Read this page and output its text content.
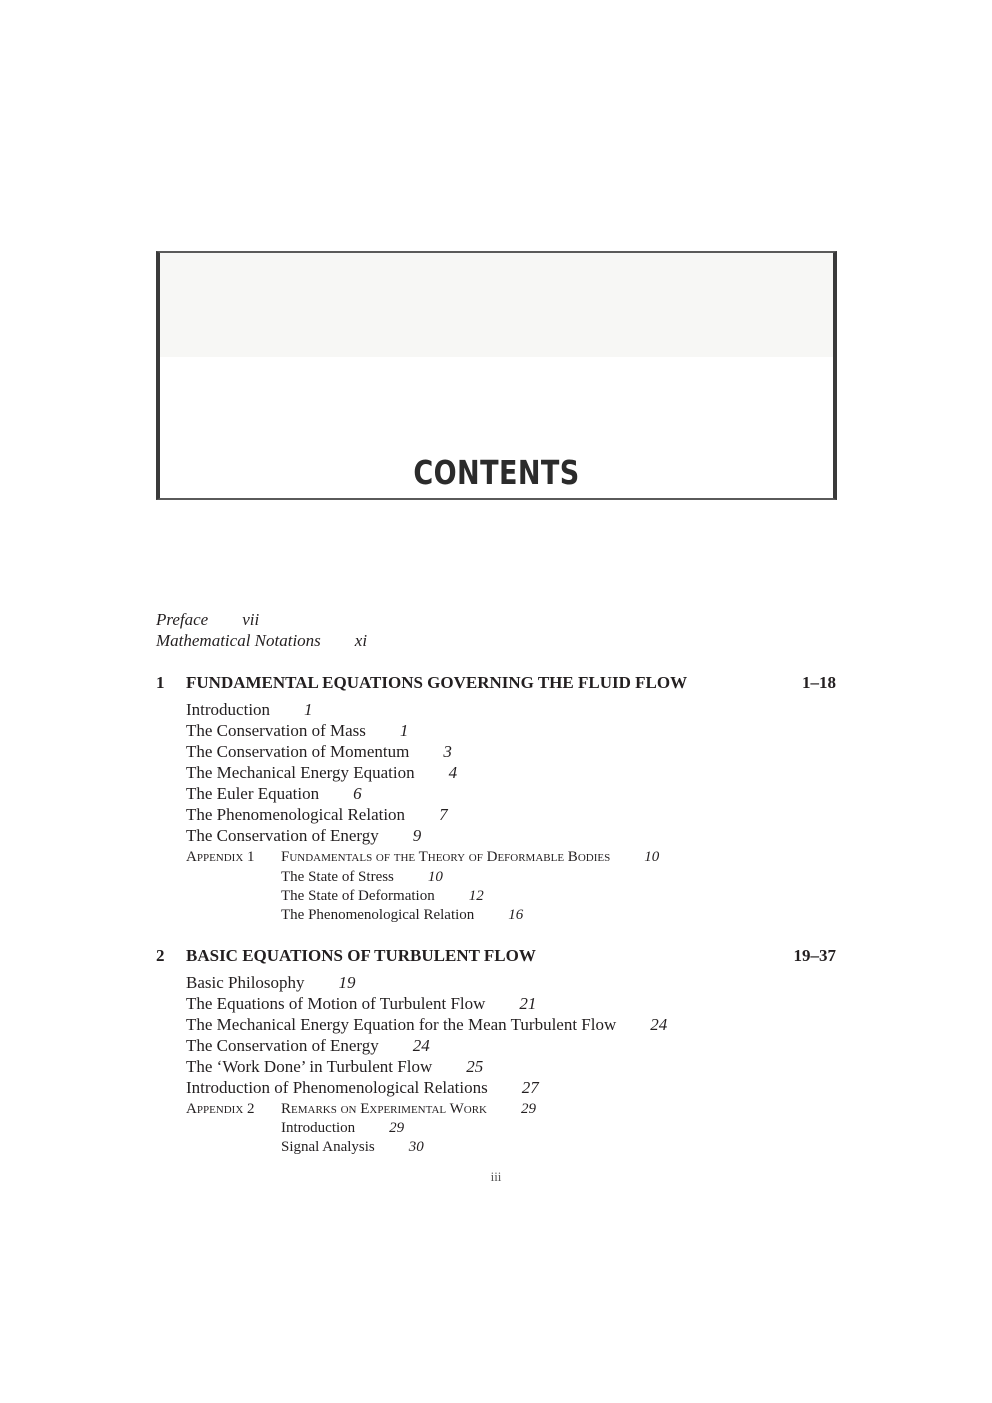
CONTENTS
Preface vii
Mathematical Notations xi
1 FUNDAMENTAL EQUATIONS GOVERNING THE FLUID FLOW	1–18
Introduction 1
The Conservation of Mass 1
The Conservation of Momentum 3
The Mechanical Energy Equation 4
The Euler Equation 6
The Phenomenological Relation 7
The Conservation of Energy 9
Appendix 1 Fundamentals of the Theory of Deformable Bodies 10
The State of Stress 10
The State of Deformation 12
The Phenomenological Relation 16
2 BASIC EQUATIONS OF TURBULENT FLOW	19–37
Basic Philosophy 19
The Equations of Motion of Turbulent Flow 21
The Mechanical Energy Equation for the Mean Turbulent Flow 24
The Conservation of Energy 24
The ‘Work Done’ in Turbulent Flow 25
Introduction of Phenomenological Relations 27
Appendix 2 Remarks on Experimental Work 29
Introduction 29
Signal Analysis 30
iii
